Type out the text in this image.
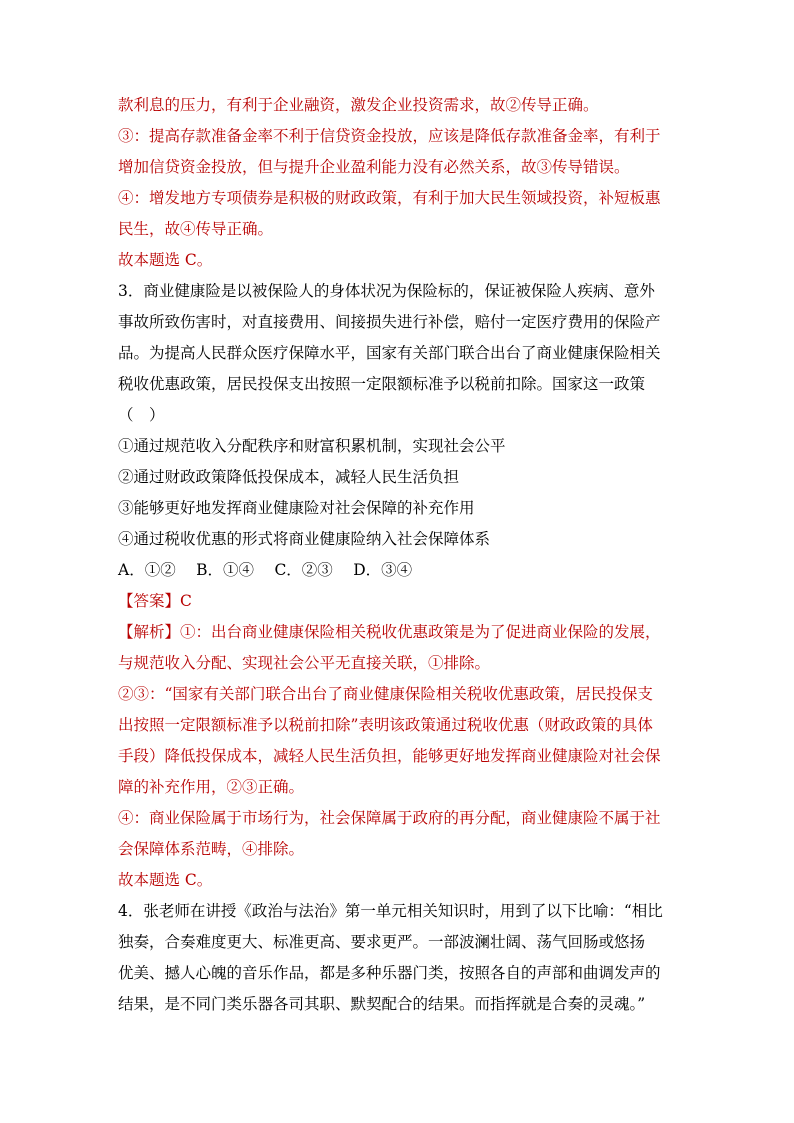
款利息的压力，有利于企业融资，激发企业投资需求，故②传导正确。
③：提高存款准备金率不利于信贷资金投放，应该是降低存款准备金率，有利于
增加信贷资金投放，但与提升企业盈利能力没有必然关系，故③传导错误。
④：增发地方专项债券是积极的财政政策，有利于加大民生领域投资，补短板惠
民生，故④传导正确。
故本题选 C。
3．商业健康险是以被保险人的身体状况为保险标的，保证被保险人疾病、意外
事故所致伤害时，对直接费用、间接损失进行补偿，赔付一定医疗费用的保险产
品。为提高人民群众医疗保障水平，国家有关部门联合出台了商业健康保险相关
税收优惠政策，居民投保支出按照一定限额标准予以税前扣除。国家这一政策
（　）
①通过规范收入分配秩序和财富积累机制，实现社会公平
②通过财政政策降低投保成本，减轻人民生活负担
③能够更好地发挥商业健康险对社会保障的补充作用
④通过税收优惠的形式将商业健康险纳入社会保障体系
A．①②　 B．①④　 C．②③　 D．③④
【答案】C
【解析】①：出台商业健康保险相关税收优惠政策是为了促进商业保险的发展，
与规范收入分配、实现社会公平无直接关联，①排除。
②③：“国家有关部门联合出台了商业健康保险相关税收优惠政策，居民投保支
出按照一定限额标准予以税前扣除”表明该政策通过税收优惠（财政政策的具体
手段）降低投保成本，减轻人民生活负担，能够更好地发挥商业健康险对社会保
障的补充作用，②③正确。
④：商业保险属于市场行为，社会保障属于政府的再分配，商业健康险不属于社
会保障体系范畴，④排除。
故本题选 C。
4．张老师在讲授《政治与法治》第一单元相关知识时，用到了以下比喻：“相比
独奏，合奏难度更大、标准更高、要求更严。一部波澜壮阔、荡气回肠或悠扬
优美、撼人心魄的音乐作品，都是多种乐器门类，按照各自的声部和曲调发声的
结果，是不同门类乐器各司其职、默契配合的结果。而指挥就是合奏的灵魂。”
